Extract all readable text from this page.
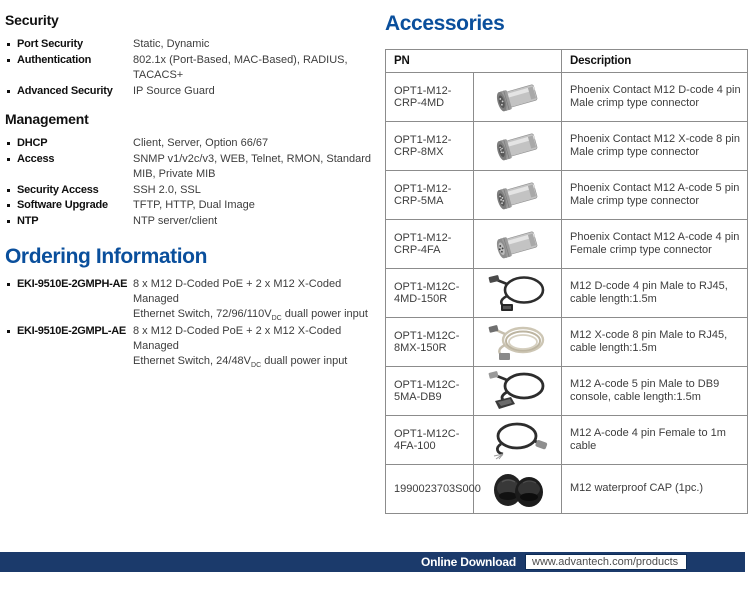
Security
Port Security	Static, Dynamic
Authentication	802.1x (Port-Based, MAC-Based), RADIUS, TACACS+
Advanced Security	IP Source Guard
Management
DHCP	Client, Server, Option 66/67
Access	SNMP v1/v2c/v3, WEB, Telnet, RMON, Standard MIB, Private MIB
Security Access	SSH 2.0, SSL
Software Upgrade	TFTP, HTTP, Dual Image
NTP	NTP server/client
Ordering Information
EKI-9510E-2GMPH-AE 8 x M12 D-Coded PoE + 2 x M12 X-Coded Managed
Ethernet Switch, $72/96/110V_{DC}$ duall power input
EKI-9510E-2GMPL-AE 8 x M12 D-Coded PoE + 2 x M12 X-Coded Managed
Ethernet Switch, $24/48V_{DC}$ duall power input
Accessories
PN		Description
OPT1-M12-CRP-4MD		Phoenix Contact M12 D-code 4 pin Male crimp type connector
OPT1-M12-CRP-8MX		Phoenix Contact M12 X-code 8 pin Male crimp type connector
OPT1-M12-CRP-5MA		Phoenix Contact M12 A-code 5 pin Male crimp type connector
OPT1-M12-CRP-4FA		Phoenix Contact M12 A-code 4 pin Female crimp type connector
OPT1-M12C-4MD-150R		M12 D-code 4 pin Male to RJ45, cable length:1.5m
OPT1-M12C-8MX-150R		M12 X-code 8 pin Male to RJ45, cable length:1.5m
OPT1-M12C-5MA-DB9		M12 A-code 5 pin Male to DB9 console, cable length:1.5m
OPT1-M12C-4FA-100		M12 A-code 4 pin Female to 1m cable
1990023703S000		M12 waterproof CAP (1pc.)
Online Download	www.advantech.com/products
